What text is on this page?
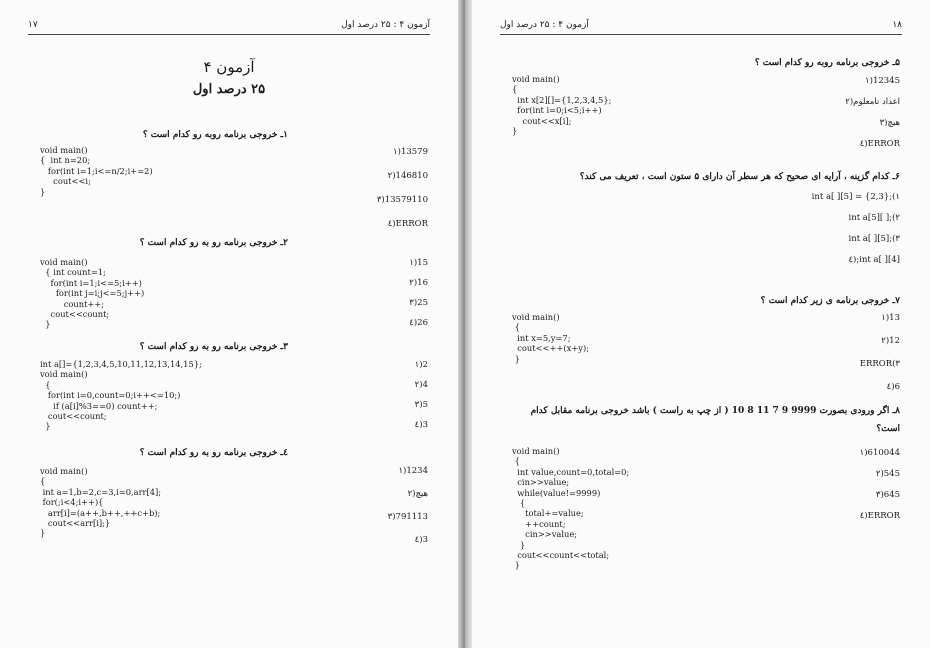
۱۷	آزمون ۴ : ۲۵ درصد اول
آزمون ۴
۲۵ درصد اول
۱ـ خروجی برنامه روبه رو کدام است ؟
void main()
{  int n=20;
for(int i=1;i<=n/2;i+=2)
cout<<i;
}
13579(۱
146810(۲
13579110(۳
ERROR(٤
۲ـ خروجی برنامه رو به رو کدام است ؟
void main()
{ int count=1;
for(int i=1;i<=5;i++)
for(int j=i;j<=5;j++)
count++;
cout<<count;
}
15(۱
16(۲
25(۳
26(٤
۳ـ خروجی برنامه رو به رو کدام است ؟
int a[]={1,2,3,4,5,10,11,12,13,14,15};
void main()
{
for(int i=0,count=0;i++<=10;)
if (a[i]%3==0) count++;
cout<<count;
}
2(۱
4(۲
5(۳
3(٤
٤ـ خروجی برنامه رو به رو کدام است ؟
void main()
{
int a=1,b=2,c=3,i=0,arr[4];
for(;i<4;i++){
arr[i]=(a++,b++,++c+b);
cout<<arr[i];}
}
1234(۱
هیچ(۲
791113(۳
3(٤
آزمون ۴ : ۲۵ درصد اول	۱۸
۵ـ خروجی برنامه روبه رو کدام است ؟
void main()
{
int x[2][]={1,2,3,4,5};
for(int i=0;i<5;i++)
cout<<x[i];
}
12345(۱
اعداد نامعلوم(۲
هیچ(۳
ERROR(٤
۶ـ کدام گزینه ، آرایه ای صحیح که هر سطر آن دارای ۵ ستون است ، تعریف می کند؟
int a[ ][5] = {2,3};(۱
int a[5][ ];(۲
int a[ ][5];(۳
int a[ ][4];(٤
۷ـ خروجی برنامه ی زیر کدام است ؟
void main()
{
int x=5,y=7;
cout<<++(x+y);
}
13(۱
12(۲
ERROR(۳
6(٤
۸ـ اگر ورودی بصورت 9999 9 7 11 8 10 ( از چپ به راست ) باشد خروجی برنامه مقابل کدام
است؟
void main()
{
int value,count=0,total=0;
cin>>value;
while(value!=9999)
{
total+=value;
++count;
cin>>value;
}
cout<<count<<total;
}
610044(۱
545(۲
645(۳
ERROR(٤
